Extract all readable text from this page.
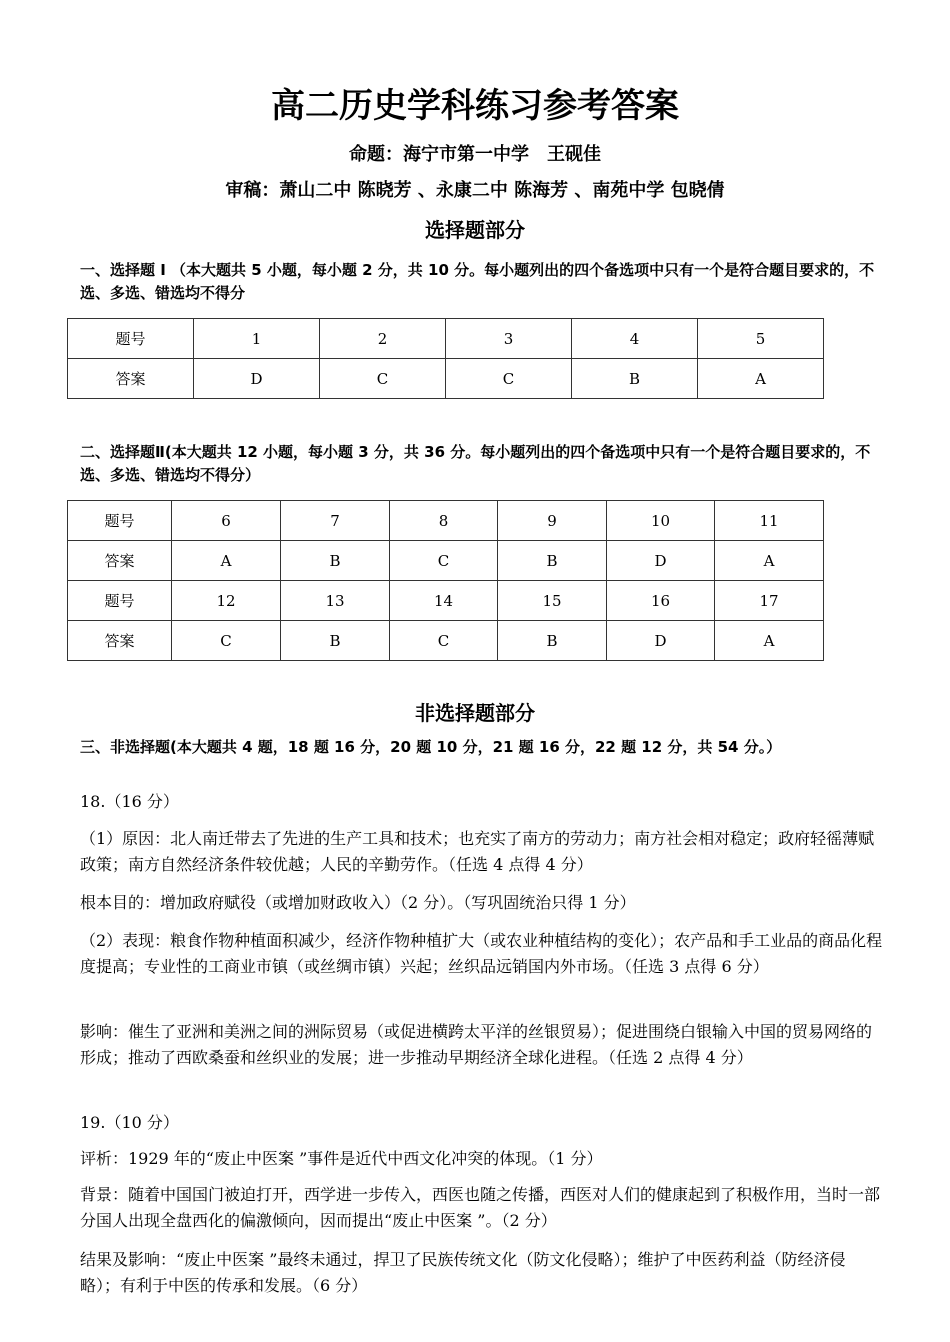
高二历史学科练习参考答案
命题：海宁市第一中学　王砚佳
审稿：萧山二中 陈晓芳 、永康二中 陈海芳 、南苑中学 包晓倩
选择题部分
一、选择题 Ⅰ （本大题共 5 小题，每小题 2 分，共 10 分。每小题列出的四个备选项中只有一个是符合题目要求的，不选、多选、错选均不得分
题号	1	2	3	4	5
答案	D	C	C	B	A
二、选择题Ⅱ(本大题共 12 小题，每小题 3 分，共 36 分。每小题列出的四个备选项中只有一个是符合题目要求的，不选、多选、错选均不得分）
题号	6	7	8	9	10	11
答案	A	B	C	B	D	A
题号	12	13	14	15	16	17
答案	C	B	C	B	D	A
非选择题部分
三、非选择题(本大题共 4 题，18 题 16 分，20 题 10 分，21 题 16 分，22 题 12 分，共 54 分。）
18.（16 分）
（1）原因：北人南迁带去了先进的生产工具和技术；也充实了南方的劳动力；南方社会相对稳定；政府轻徭薄赋政策；南方自然经济条件较优越；人民的辛勤劳作。（任选 4 点得 4 分）
根本目的：增加政府赋役（或增加财政收入）（2 分）。（写巩固统治只得 1 分）
（2）表现：粮食作物种植面积减少，经济作物种植扩大（或农业种植结构的变化）；农产品和手工业品的商品化程度提高；专业性的工商业市镇（或丝绸市镇）兴起；丝织品远销国内外市场。（任选 3 点得 6 分）
影响：催生了亚洲和美洲之间的洲际贸易（或促进横跨太平洋的丝银贸易）；促进围绕白银输入中国的贸易网络的形成；推动了西欧桑蚕和丝织业的发展；进一步推动早期经济全球化进程。（任选 2 点得 4 分）
19.（10 分）
评析：1929 年的“废止中医案 ”事件是近代中西文化冲突的体现。（1 分）
背景：随着中国国门被迫打开，西学进一步传入，西医也随之传播，西医对人们的健康起到了积极作用，当时一部分国人出现全盘西化的偏激倾向，因而提出“废止中医案 ”。（2 分）
结果及影响：“废止中医案 ”最终未通过，捍卫了民族传统文化（防文化侵略）；维护了中医药利益（防经济侵略）；有利于中医的传承和发展。（6 分）
